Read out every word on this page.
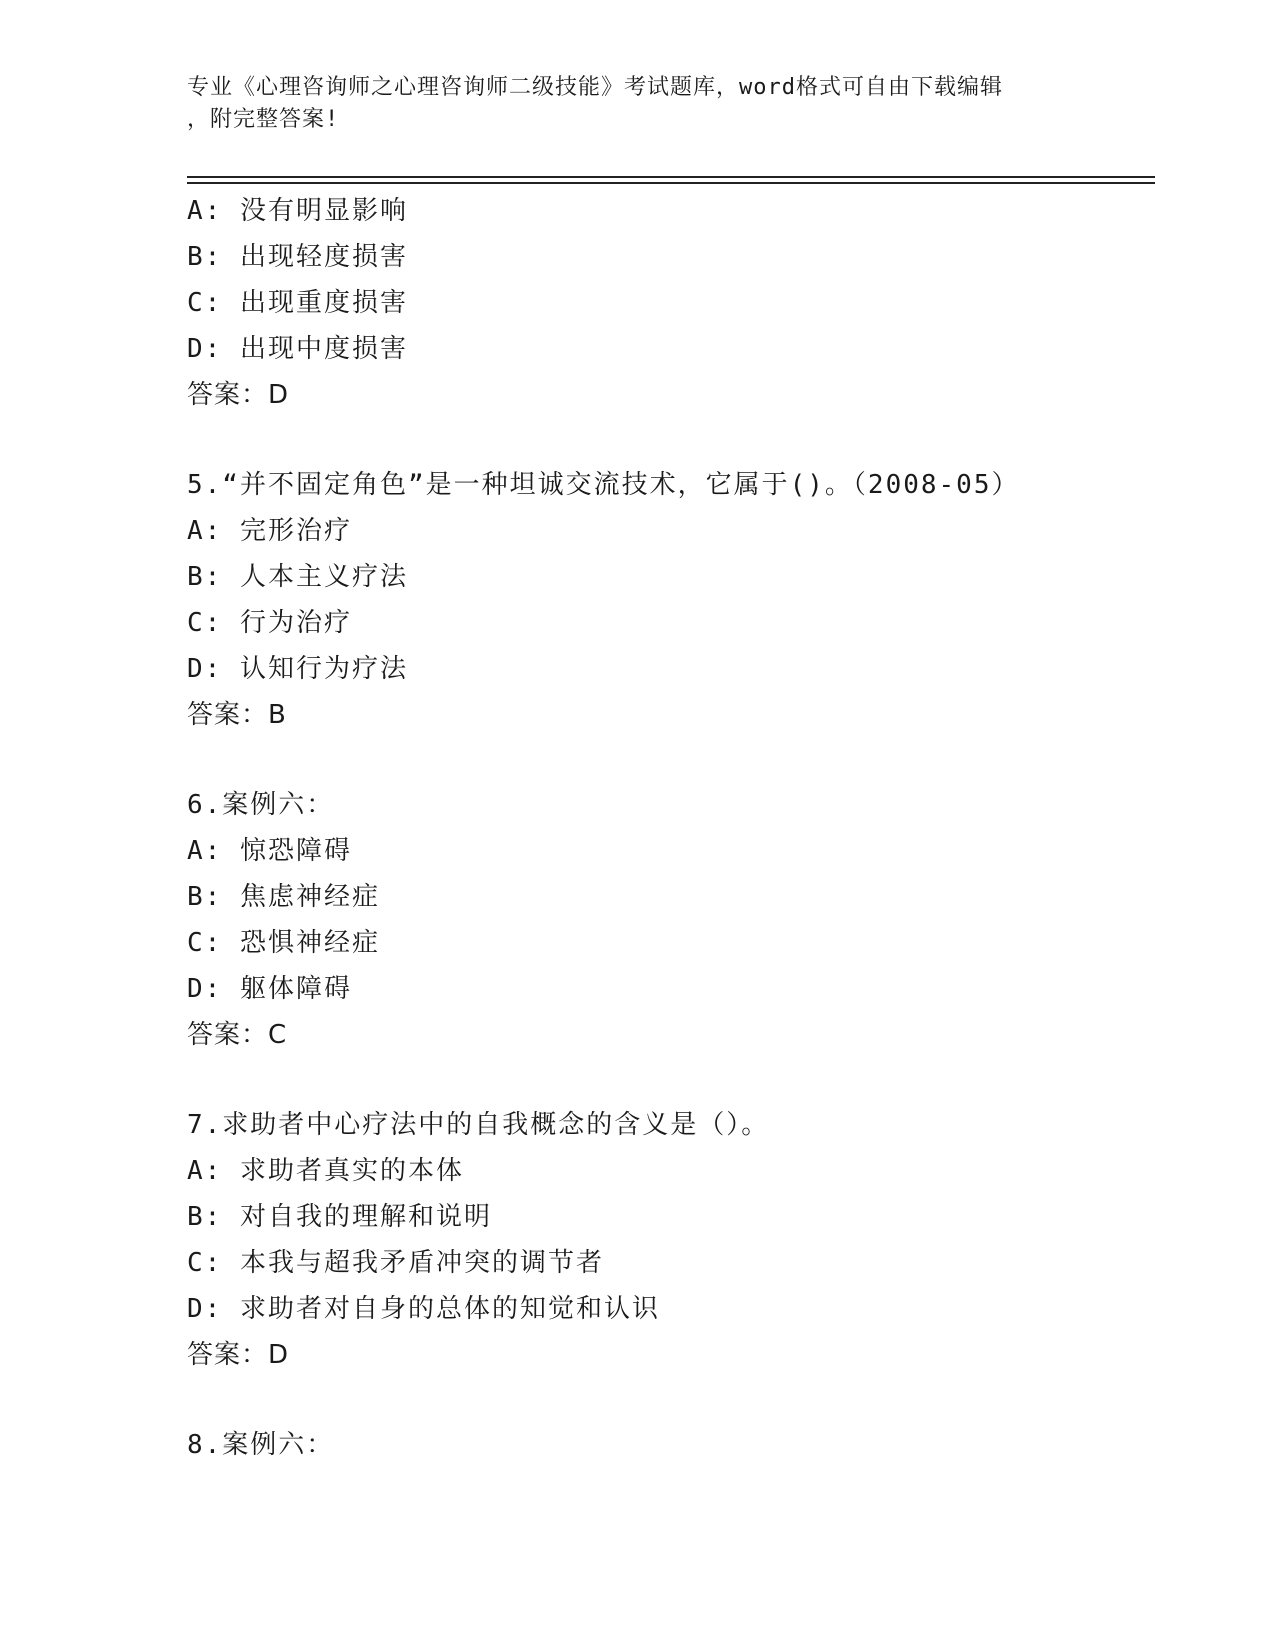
专业《心理咨询师之心理咨询师二级技能》考试题库，word格式可自由下载编辑
，附完整答案!
A: 没有明显影响
B: 出现轻度损害
C: 出现重度损害
D: 出现中度损害
答案：D
5.“并不固定角色”是一种坦诚交流技术，它属于()。（2008-05）
A: 完形治疗
B: 人本主义疗法
C: 行为治疗
D: 认知行为疗法
答案：B
6.案例六：
A: 惊恐障碍
B: 焦虑神经症
C: 恐惧神经症
D: 躯体障碍
答案：C
7.求助者中心疗法中的自我概念的含义是（）。
A: 求助者真实的本体
B: 对自我的理解和说明
C: 本我与超我矛盾冲突的调节者
D: 求助者对自身的总体的知觉和认识
答案：D
8.案例六：
